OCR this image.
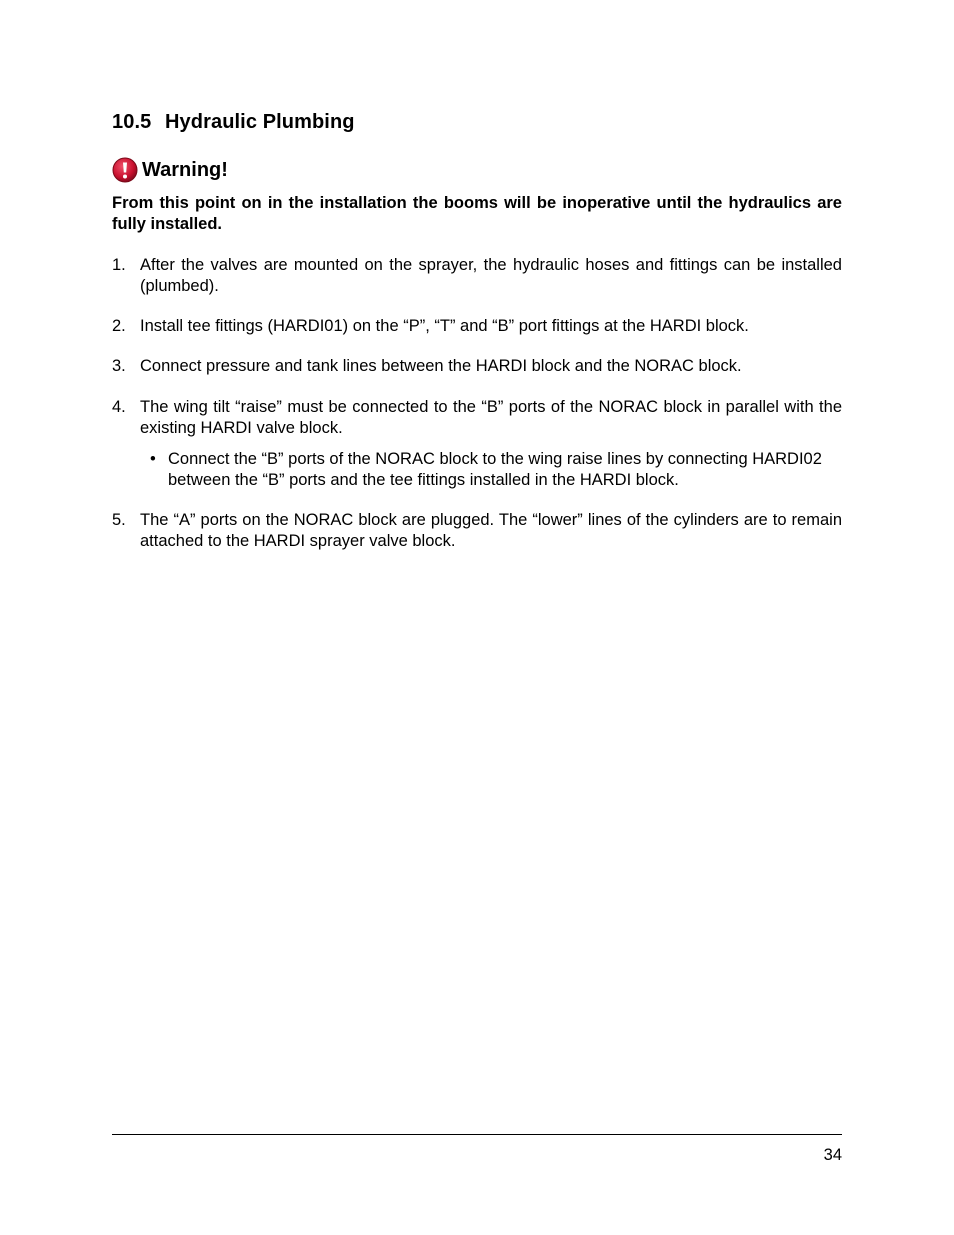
10.5 Hydraulic Plumbing
Warning!
From this point on in the installation the booms will be inoperative until the hydraulics are fully installed.
1. After the valves are mounted on the sprayer, the hydraulic hoses and fittings can be installed (plumbed).
2. Install tee fittings (HARDI01) on the “P”, “T” and “B” port fittings at the HARDI block.
3. Connect pressure and tank lines between the HARDI block and the NORAC block.
4. The wing tilt “raise” must be connected to the “B” ports of the NORAC block in parallel with the existing HARDI valve block.
• Connect the “B” ports of the NORAC block to the wing raise lines by connecting HARDI02 between the “B” ports and the tee fittings installed in the HARDI block.
5. The “A” ports on the NORAC block are plugged. The “lower” lines of the cylinders are to remain attached to the HARDI sprayer valve block.
34
